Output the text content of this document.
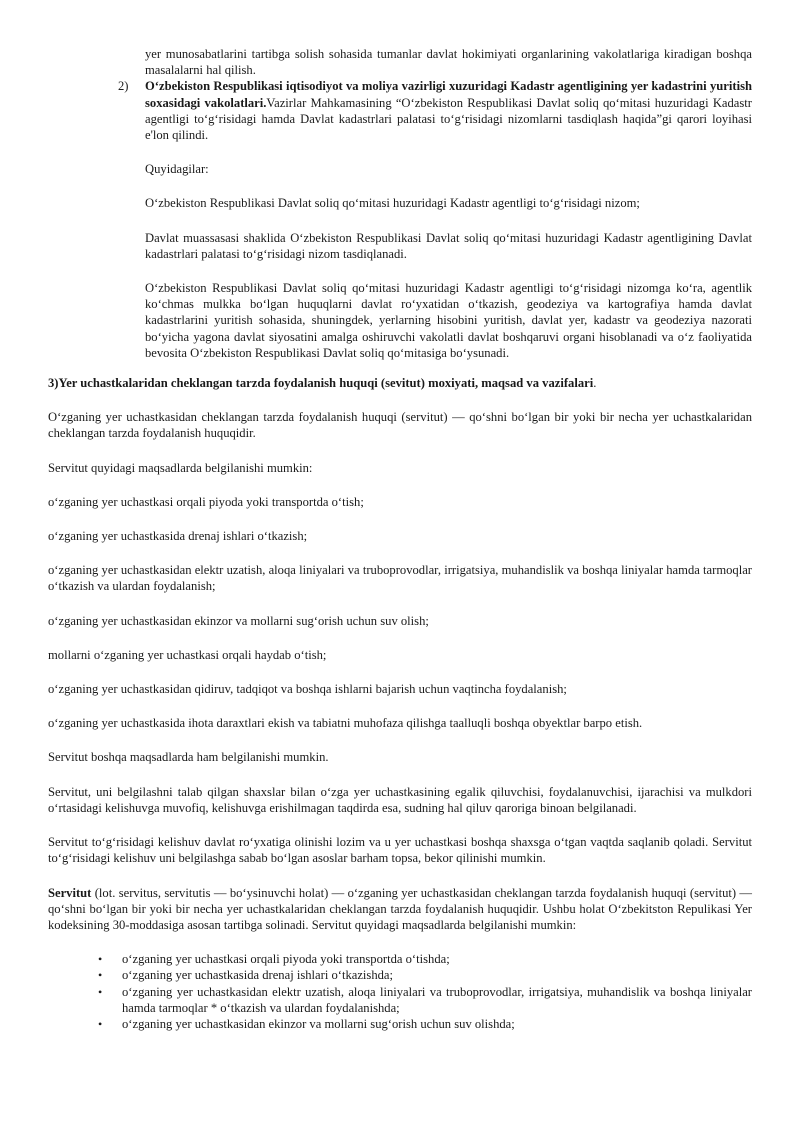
yer munosabatlarini tartibga solish sohasida tumanlar davlat hokimiyati organlarining vakolatlariga kiradigan boshqa masalalarni hal qilish.

2) O‘zbekiston Respublikasi iqtisodiyot va moliya vazirligi xuzuridagi Kadastr agentligining yer kadastrini yuritish soxasidagi vakolatlari.Vazirlar Mahkamasining “O‘zbekiston Respublikasi Davlat soliq qo‘mitasi huzuridagi Kadastr agentligi to‘g‘risidagi hamda Davlat kadastrlari palatasi to‘g‘risidagi nizomlarni tasdiqlash haqida”gi qarori loyihasi e'lon qilindi.

Quyidagilar:

O‘zbekiston Respublikasi Davlat soliq qo‘mitasi huzuridagi Kadastr agentligi to‘g‘risidagi nizom;

Davlat muassasasi shaklida O‘zbekiston Respublikasi Davlat soliq qo‘mitasi huzuridagi Kadastr agentligining Davlat kadastrlari palatasi to‘g‘risidagi nizom tasdiqlanadi.

O‘zbekiston Respublikasi Davlat soliq qo‘mitasi huzuridagi Kadastr agentligi to‘g‘risidagi nizomga ko‘ra, agentlik ko‘chmas mulkka bo‘lgan huquqlarni davlat ro‘yxatidan o‘tkazish, geodeziya va kartografiya hamda davlat kadastrlarini yuritish sohasida, shuningdek, yerlarning hisobini yuritish, davlat yer, kadastr va geodeziya nazorati bo‘yicha yagona davlat siyosatini amalga oshiruvchi vakolatli davlat boshqaruvi organi hisoblanadi va o‘z faoliyatida bevosita O‘zbekiston Respublikasi Davlat soliq qo‘mitasiga bo‘ysunadi.

3)Yer uchastkalaridan cheklangan tarzda foydalanish huquqi (sevitut) moxiyati, maqsad va vazifalari.

O‘zganing yer uchastkasidan cheklangan tarzda foydalanish huquqi (servitut) — qo‘shni bo‘lgan bir yoki bir necha yer uchastkalaridan cheklangan tarzda foydalanish huquqidir.

Servitut quyidagi maqsadlarda belgilanishi mumkin:

o‘zganing yer uchastkasi orqali piyoda yoki transportda o‘tish;

o‘zganing yer uchastkasida drenaj ishlari o‘tkazish;

o‘zganing yer uchastkasidan elektr uzatish, aloqa liniyalari va truboprovodlar, irrigatsiya, muhandislik va boshqa liniyalar hamda tarmoqlar o‘tkazish va ulardan foydalanish;

o‘zganing yer uchastkasidan ekinzor va mollarni sug‘orish uchun suv olish;

mollarni o‘zganing yer uchastkasi orqali haydab o‘tish;

o‘zganing yer uchastkasidan qidiruv, tadqiqot va boshqa ishlarni bajarish uchun vaqtincha foydalanish;

o‘zganing yer uchastkasida ihota daraxtlari ekish va tabiatni muhofaza qilishga taalluqli boshqa obyektlar barpo etish.

Servitut boshqa maqsadlarda ham belgilanishi mumkin.

Servitut, uni belgilashni talab qilgan shaxslar bilan o‘zga yer uchastkasining egalik qiluvchisi, foydalanuvchisi, ijarachisi va mulkdori o‘rtasidagi kelishuvga muvofiq, kelishuvga erishilmagan taqdirda esa, sudning hal qiluv qaroriga binoan belgilanadi.

Servitut to‘g‘risidagi kelishuv davlat ro‘yxatiga olinishi lozim va u yer uchastkasi boshqa shaxsga o‘tgan vaqtda saqlanib qoladi. Servitut to‘g‘risidagi kelishuv uni belgilashga sabab bo‘lgan asoslar barham topsa, bekor qilinishi mumkin.

Servitut (lot. servitus, servitutis — bo‘ysinuvchi holat) — o‘zganing yer uchastkasidan cheklangan tarzda foydalanish huquqi (servitut) — qo‘shni bo‘lgan bir yoki bir necha yer uchastkalaridan cheklangan tarzda foydalanish huquqidir. Ushbu holat O‘zbekitston Repulikasi Yer kodeksining 30-moddasiga asosan tartibga solinadi. Servitut quyidagi maqsadlarda belgilanishi mumkin:

• o‘zganing yer uchastkasi orqali piyoda yoki transportda o‘tishda;
• o‘zganing yer uchastkasida drenaj ishlari o‘tkazishda;
• o‘zganing yer uchastkasidan elektr uzatish, aloqa liniyalari va truboprovodlar, irrigatsiya, muhandislik va boshqa liniyalar hamda tarmoqlar * o‘tkazish va ulardan foydalanishda;
• o‘zganing yer uchastkasidan ekinzor va mollarni sug‘orish uchun suv olishda;
